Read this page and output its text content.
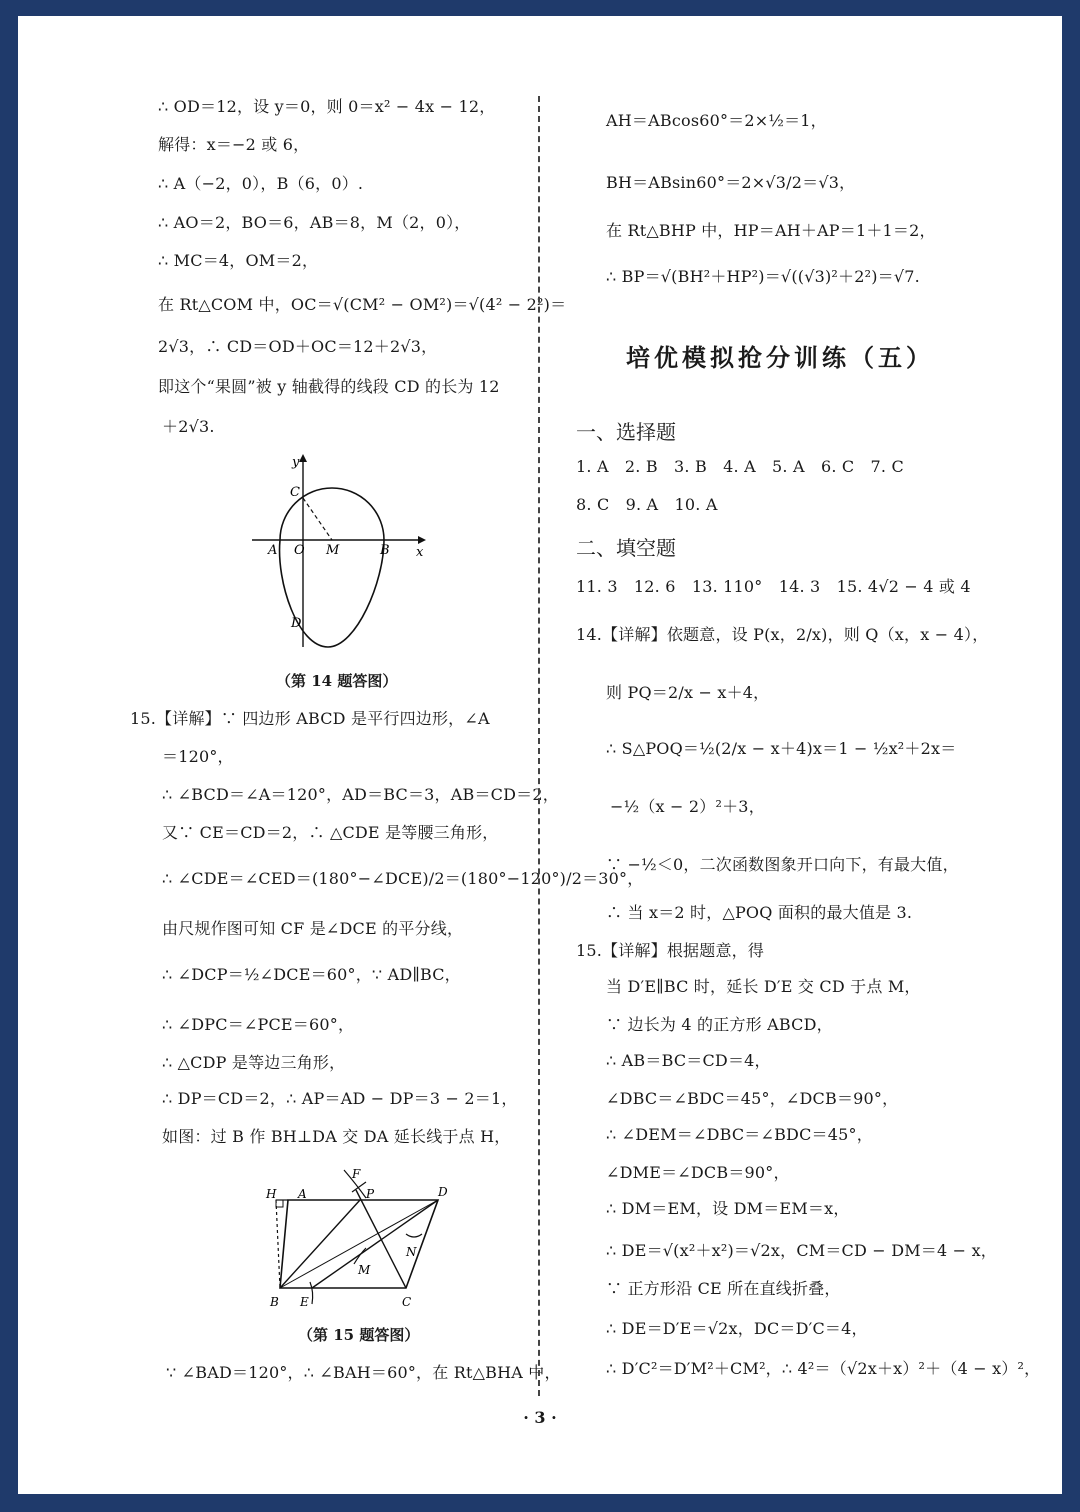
∴ OD＝12，设 y＝0，则 0＝x² − 4x − 12，
解得：x＝−2 或 6，
∴ A（−2，0），B（6，0）.
∴ AO＝2，BO＝6，AB＝8，M（2，0），
∴ MC＝4，OM＝2，
在 Rt△COM 中，OC＝√(CM² − OM²)＝√(4² − 2²)＝
2√3，∴ CD＝OD＋OC＝12＋2√3，
即这个“果圆”被 y 轴截得的线段 CD 的长为 12
＋2√3.
y
x
C
A O M	B
D
（第 14 题答图）
15.【详解】∵ 四边形 ABCD 是平行四边形，∠A
＝120°，
∴ ∠BCD＝∠A＝120°，AD＝BC＝3，AB＝CD＝2，
又∵ CE＝CD＝2，∴ △CDE 是等腰三角形，
∴ ∠CDE＝∠CED＝(180°−∠DCE)/2＝(180°−120°)/2＝30°，
由尺规作图可知 CF 是∠DCE 的平分线，
∴ ∠DCP＝½∠DCE＝60°，∵ AD∥BC，
∴ ∠DPC＝∠PCE＝60°，
∴ △CDP 是等边三角形，
∴ DP＝CD＝2，∴ AP＝AD − DP＝3 − 2＝1，
如图：过 B 作 BH⊥DA 交 DA 延长线于点 H，
F
H A	P	D
N
M
B E	C
（第 15 题答图）
∵ ∠BAD＝120°，∴ ∠BAH＝60°，在 Rt△BHA 中，
AH＝ABcos60°＝2×½＝1，
BH＝ABsin60°＝2×√3/2＝√3，
在 Rt△BHP 中，HP＝AH＋AP＝1＋1＝2，
∴ BP＝√(BH²＋HP²)＝√((√3)²＋2²)＝√7.
培优模拟抢分训练（五）
一、选择题
1. A　2. B　3. B　4. A　5. A　6. C　7. C
8. C　9. A　10. A
二、填空题
11. 3　12. 6　13. 110°　14. 3　15. 4√2 − 4 或 4
14.【详解】依题意，设 P(x，2/x)，则 Q（x，x − 4），
则 PQ＝2/x − x＋4，
∴ S△POQ＝½(2/x − x＋4)x＝1 − ½x²＋2x＝
−½（x − 2）²＋3，
∵ −½＜0，二次函数图象开口向下，有最大值，
∴ 当 x＝2 时，△POQ 面积的最大值是 3.
15.【详解】根据题意，得
当 D′E∥BC 时，延长 D′E 交 CD 于点 M，
∵ 边长为 4 的正方形 ABCD，
∴ AB＝BC＝CD＝4，
∠DBC＝∠BDC＝45°，∠DCB＝90°，
∴ ∠DEM＝∠DBC＝∠BDC＝45°，
∠DME＝∠DCB＝90°，
∴ DM＝EM，设 DM＝EM＝x，
∴ DE＝√(x²＋x²)＝√2x，CM＝CD − DM＝4 − x，
∵ 正方形沿 CE 所在直线折叠，
∴ DE＝D′E＝√2x，DC＝D′C＝4，
∴ D′C²＝D′M²＋CM²，∴ 4²＝（√2x＋x）²＋（4 − x）²，
· 3 ·
